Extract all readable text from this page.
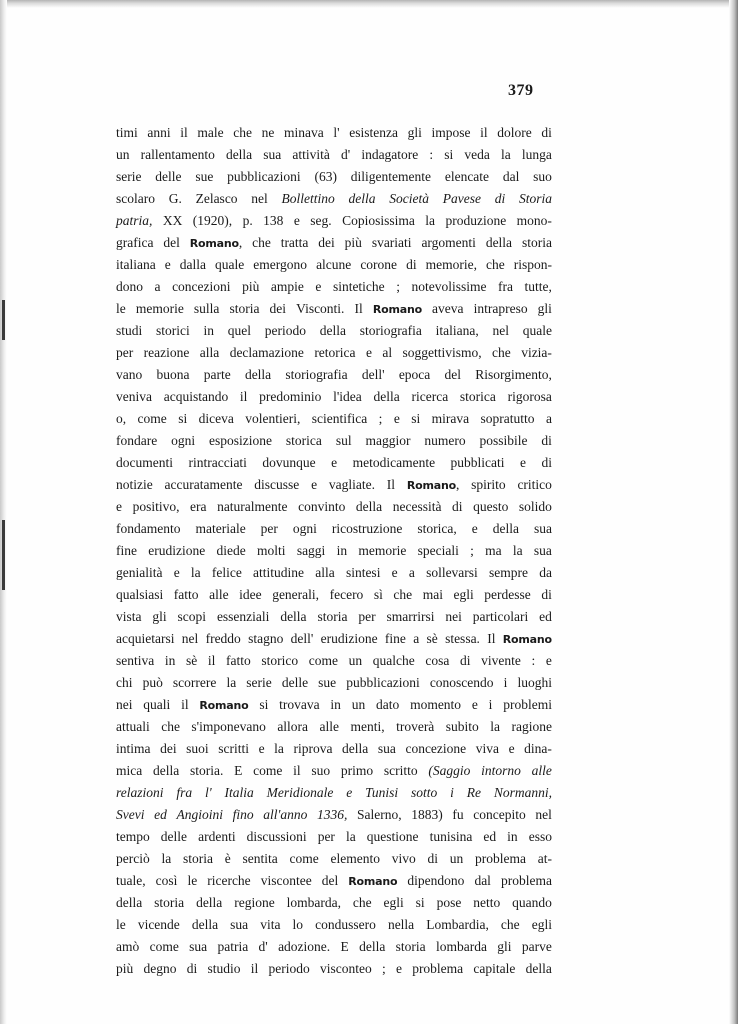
379
timi anni il male che ne minava l' esistenza gli impose il dolore di
un rallentamento della sua attività d' indagatore : si veda la lunga
serie delle sue pubblicazioni (63) diligentemente elencate dal suo
scolaro G. Zelasco nel Bollettino della Società Pavese di Storia
patria, XX (1920), p. 138 e seg. Copiosissima la produzione mono-
grafica del Romano, che tratta dei più svariati argomenti della storia
italiana e dalla quale emergono alcune corone di memorie, che rispon-
dono a concezioni più ampie e sintetiche ; notevolissime fra tutte,
le memorie sulla storia dei Visconti. Il Romano aveva intrapreso gli
studi storici in quel periodo della storiografia italiana, nel quale
per reazione alla declamazione retorica e al soggettivismo, che vizia-
vano buona parte della storiografia dell' epoca del Risorgimento,
veniva acquistando il predominio l'idea della ricerca storica rigorosa
o, come si diceva volentieri, scientifica ; e si mirava sopratutto a
fondare ogni esposizione storica sul maggior numero possibile di
documenti rintracciati dovunque e metodicamente pubblicati e di
notizie accuratamente discusse e vagliate. Il Romano, spirito critico
e positivo, era naturalmente convinto della necessità di questo solido
fondamento materiale per ogni ricostruzione storica, e della sua
fine erudizione diede molti saggi in memorie speciali ; ma la sua
genialità e la felice attitudine alla sintesi e a sollevarsi sempre da
qualsiasi fatto alle idee generali, fecero sì che mai egli perdesse di
vista gli scopi essenziali della storia per smarrirsi nei particolari ed
acquietarsi nel freddo stagno dell' erudizione fine a sè stessa. Il Romano
sentiva in sè il fatto storico come un qualche cosa di vivente : e
chi può scorrere la serie delle sue pubblicazioni conoscendo i luoghi
nei quali il Romano si trovava in un dato momento e i problemi
attuali che s'imponevano allora alle menti, troverà subito la ragione
intima dei suoi scritti e la riprova della sua concezione viva e dina-
mica della storia. E come il suo primo scritto (Saggio intorno alle
relazioni fra l' Italia Meridionale e Tunisi sotto i Re Normanni,
Svevi ed Angioini fino all'anno 1336, Salerno, 1883) fu concepito nel
tempo delle ardenti discussioni per la questione tunisina ed in esso
perciò la storia è sentita come elemento vivo di un problema at-
tuale, così le ricerche viscontee del Romano dipendono dal problema
della storia della regione lombarda, che egli si pose netto quando
le vicende della sua vita lo condussero nella Lombardia, che egli
amò come sua patria d' adozione. E della storia lombarda gli parve
più degno di studio il periodo visconteo ; e problema capitale della
